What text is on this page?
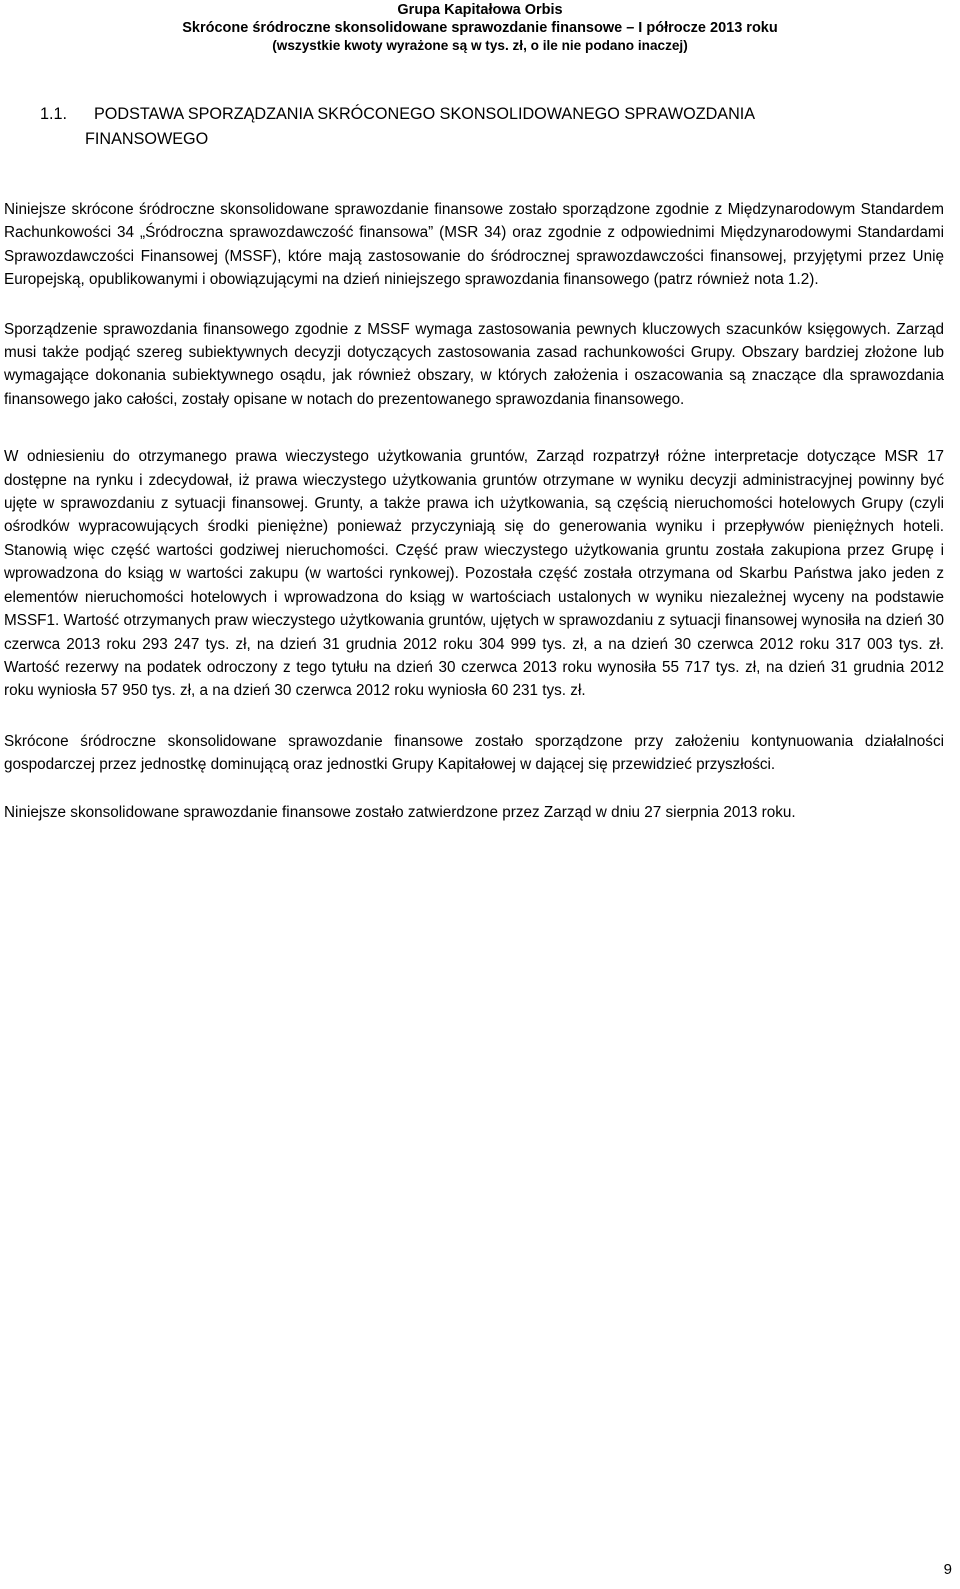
Grupa Kapitałowa Orbis
Skrócone śródroczne skonsolidowane sprawozdanie finansowe – I półrocze 2013 roku
(wszystkie kwoty wyrażone są w tys. zł, o ile nie podano inaczej)
1.1. PODSTAWA SPORZĄDZANIA SKRÓCONEGO SKONSOLIDOWANEGO SPRAWOZDANIA
FINANSOWEGO

Niniejsze skrócone śródroczne skonsolidowane sprawozdanie finansowe zostało sporządzone zgodnie z Międzynarodowym Standardem Rachunkowości 34 „Śródroczna sprawozdawczość finansowa” (MSR 34) oraz zgodnie z odpowiednimi Międzynarodowymi Standardami Sprawozdawczości Finansowej (MSSF), które mają zastosowanie do śródrocznej sprawozdawczości finansowej, przyjętymi przez Unię Europejską, opublikowanymi i obowiązującymi na dzień niniejszego sprawozdania finansowego (patrz również nota 1.2).

Sporządzenie sprawozdania finansowego zgodnie z MSSF wymaga zastosowania pewnych kluczowych szacunków księgowych. Zarząd musi także podjąć szereg subiektywnych decyzji dotyczących zastosowania zasad rachunkowości Grupy. Obszary bardziej złożone lub wymagające dokonania subiektywnego osądu, jak również obszary, w których założenia i oszacowania są znaczące dla sprawozdania finansowego jako całości, zostały opisane w notach do prezentowanego sprawozdania finansowego.

W odniesieniu do otrzymanego prawa wieczystego użytkowania gruntów, Zarząd rozpatrzył różne interpretacje dotyczące MSR 17 dostępne na rynku i zdecydował, iż prawa wieczystego użytkowania gruntów otrzymane w wyniku decyzji administracyjnej powinny być ujęte w sprawozdaniu z sytuacji finansowej. Grunty, a także prawa ich użytkowania, są częścią nieruchomości hotelowych Grupy (czyli ośrodków wypracowujących środki pieniężne) ponieważ przyczyniają się do generowania wyniku i przepływów pieniężnych hoteli. Stanowią więc część wartości godziwej nieruchomości. Część praw wieczystego użytkowania gruntu została zakupiona przez Grupę i wprowadzona do ksiąg w wartości zakupu (w wartości rynkowej). Pozostała część została otrzymana od Skarbu Państwa jako jeden z elementów nieruchomości hotelowych i wprowadzona do ksiąg w wartościach ustalonych w wyniku niezależnej wyceny na podstawie MSSF1. Wartość otrzymanych praw wieczystego użytkowania gruntów, ujętych w sprawozdaniu z sytuacji finansowej wynosiła na dzień 30 czerwca 2013 roku 293 247 tys. zł, na dzień 31 grudnia 2012 roku 304 999 tys. zł, a na dzień 30 czerwca 2012 roku 317 003 tys. zł. Wartość rezerwy na podatek odroczony z tego tytułu na dzień 30 czerwca 2013 roku wynosiła 55 717 tys. zł, na dzień 31 grudnia 2012 roku wyniosła 57 950 tys. zł, a na dzień 30 czerwca 2012 roku wyniosła 60 231 tys. zł.

Skrócone śródroczne skonsolidowane sprawozdanie finansowe zostało sporządzone przy założeniu kontynuowania działalności gospodarczej przez jednostkę dominującą oraz jednostki Grupy Kapitałowej w dającej się przewidzieć przyszłości.

Niniejsze skonsolidowane sprawozdanie finansowe zostało zatwierdzone przez Zarząd w dniu 27 sierpnia 2013 roku.

9
